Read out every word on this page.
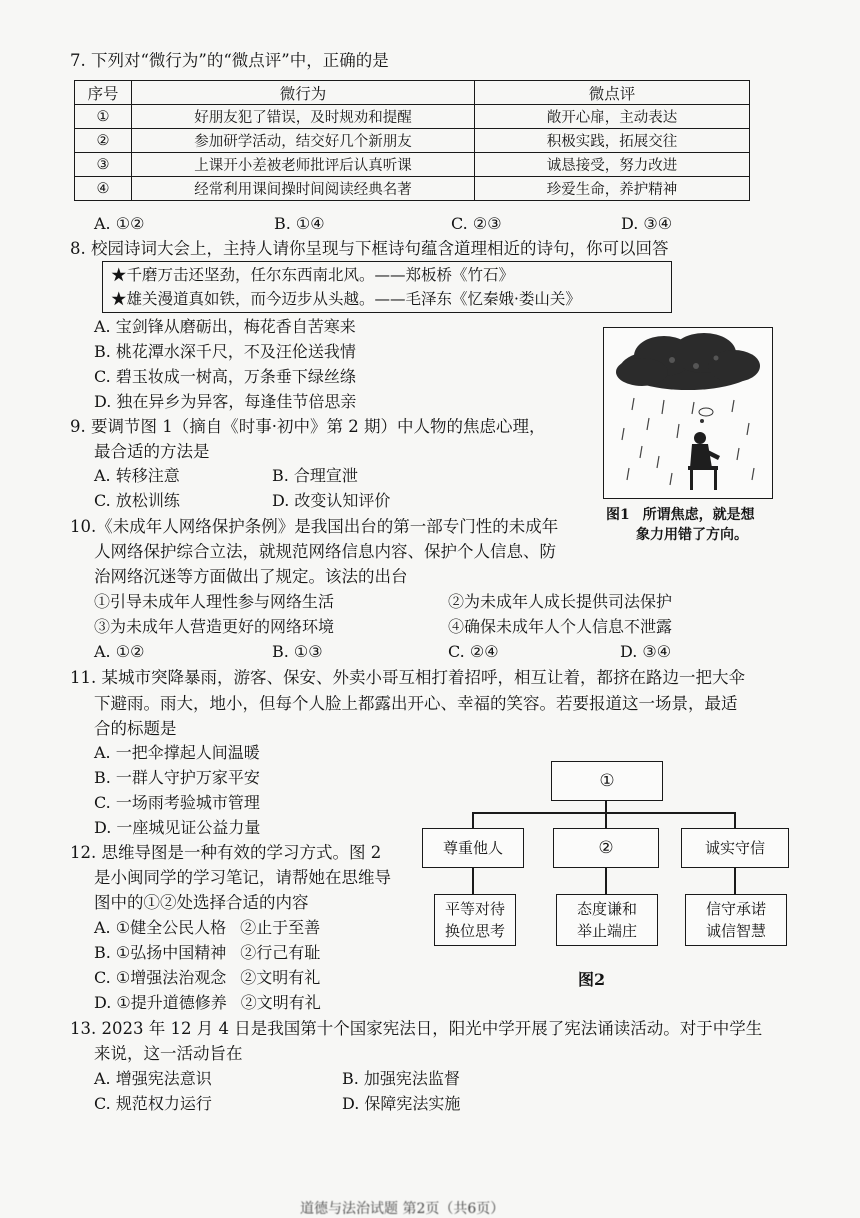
7. 下列对“微行为”的“微点评”中，正确的是
序号	微行为	微点评
①	好朋友犯了错误，及时规劝和提醒	敞开心扉，主动表达
②	参加研学活动，结交好几个新朋友	积极实践，拓展交往
③	上课开小差被老师批评后认真听课	诚恳接受，努力改进
④	经常利用课间操时间阅读经典名著	珍爱生命，养护精神
A. ①②	B. ①④	C. ②③	D. ③④
8. 校园诗词大会上，主持人请你呈现与下框诗句蕴含道理相近的诗句，你可以回答
★千磨万击还坚劲，任尔东西南北风。——郑板桥《竹石》
★雄关漫道真如铁，而今迈步从头越。——毛泽东《忆秦娥·娄山关》
A. 宝剑锋从磨砺出，梅花香自苦寒来
B. 桃花潭水深千尺，不及汪伦送我情
C. 碧玉妆成一树高，万条垂下绿丝绦
D. 独在异乡为异客，每逢佳节倍思亲
图1 所谓焦虑，就是想
象力用错了方向。
9. 要调节图 1（摘自《时事·初中》第 2 期）中人物的焦虑心理，
最合适的方法是
A. 转移注意	B. 合理宣泄
C. 放松训练	D. 改变认知评价
10.《未成年人网络保护条例》是我国出台的第一部专门性的未成年
人网络保护综合立法，就规范网络信息内容、保护个人信息、防
治网络沉迷等方面做出了规定。该法的出台
①引导未成年人理性参与网络生活	②为未成年人成长提供司法保护
③为未成年人营造更好的网络环境	④确保未成年人个人信息不泄露
A. ①②	B. ①③	C. ②④	D. ③④
11. 某城市突降暴雨，游客、保安、外卖小哥互相打着招呼，相互让着，都挤在路边一把大伞
下避雨。雨大，地小，但每个人脸上都露出开心、幸福的笑容。若要报道这一场景，最适
合的标题是
A. 一把伞撑起人间温暖
B. 一群人守护万家平安
C. 一场雨考验城市管理
D. 一座城见证公益力量
12. 思维导图是一种有效的学习方式。图 2
是小闽同学的学习笔记，请帮她在思维导
图中的①②处选择合适的内容
A. ①健全公民人格 ②止于至善
B. ①弘扬中国精神 ②行己有耻
C. ①增强法治观念 ②文明有礼
D. ①提升道德修养 ②文明有礼
①
尊重他人	②	诚实守信
平等对待
换位思考
态度谦和
举止端庄
信守承诺
诚信智慧
图2
13. 2023 年 12 月 4 日是我国第十个国家宪法日，阳光中学开展了宪法诵读活动。对于中学生
来说，这一活动旨在
A. 增强宪法意识	B. 加强宪法监督
C. 规范权力运行	D. 保障宪法实施
道德与法治试题 第2页（共6页）
